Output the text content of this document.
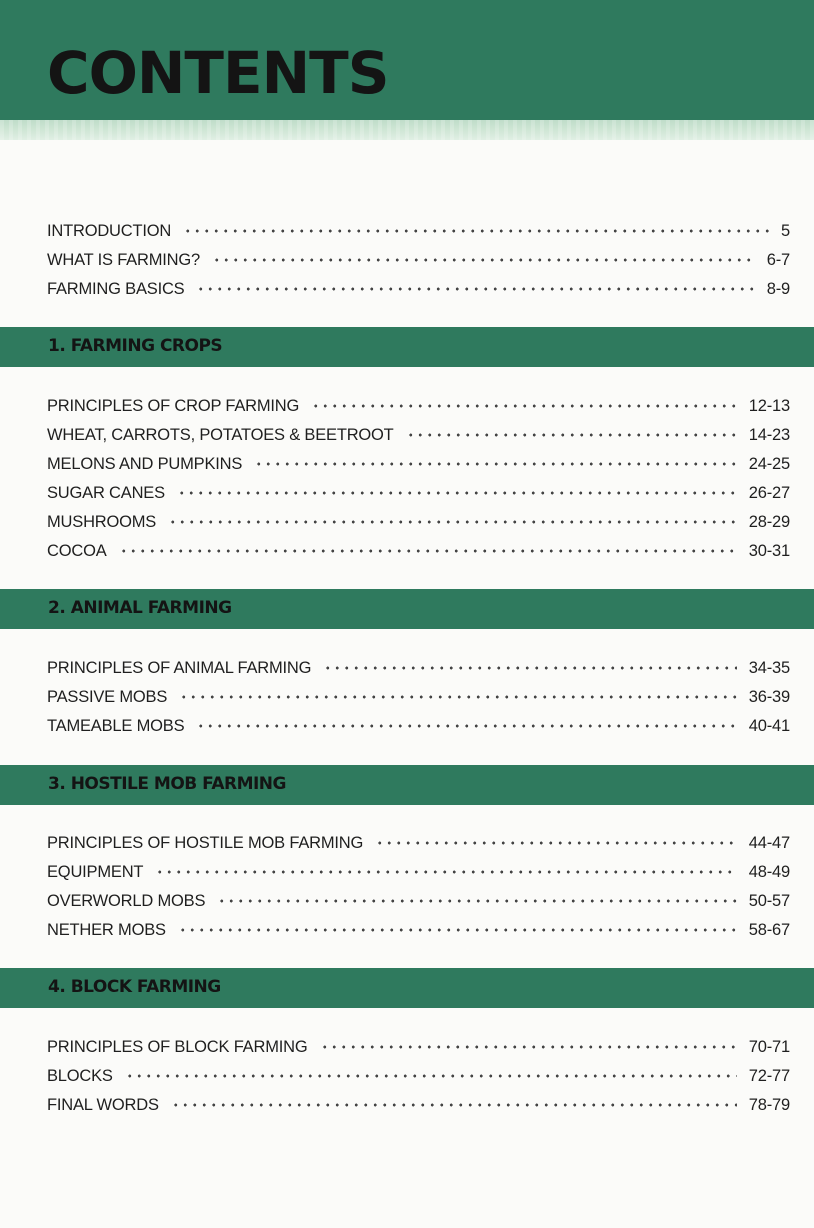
CONTENTS
INTRODUCTION	5
WHAT IS FARMING?	6-7
FARMING BASICS	8-9
1. FARMING CROPS
PRINCIPLES OF CROP FARMING	12-13
WHEAT, CARROTS, POTATOES & BEETROOT	14-23
MELONS AND PUMPKINS	24-25
SUGAR CANES	26-27
MUSHROOMS	28-29
COCOA	30-31
2. ANIMAL FARMING
PRINCIPLES OF ANIMAL FARMING	34-35
PASSIVE MOBS	36-39
TAMEABLE MOBS	40-41
3. HOSTILE MOB FARMING
PRINCIPLES OF HOSTILE MOB FARMING	44-47
EQUIPMENT	48-49
OVERWORLD MOBS	50-57
NETHER MOBS	58-67
4. BLOCK FARMING
PRINCIPLES OF BLOCK FARMING	70-71
BLOCKS	72-77
FINAL WORDS	78-79
